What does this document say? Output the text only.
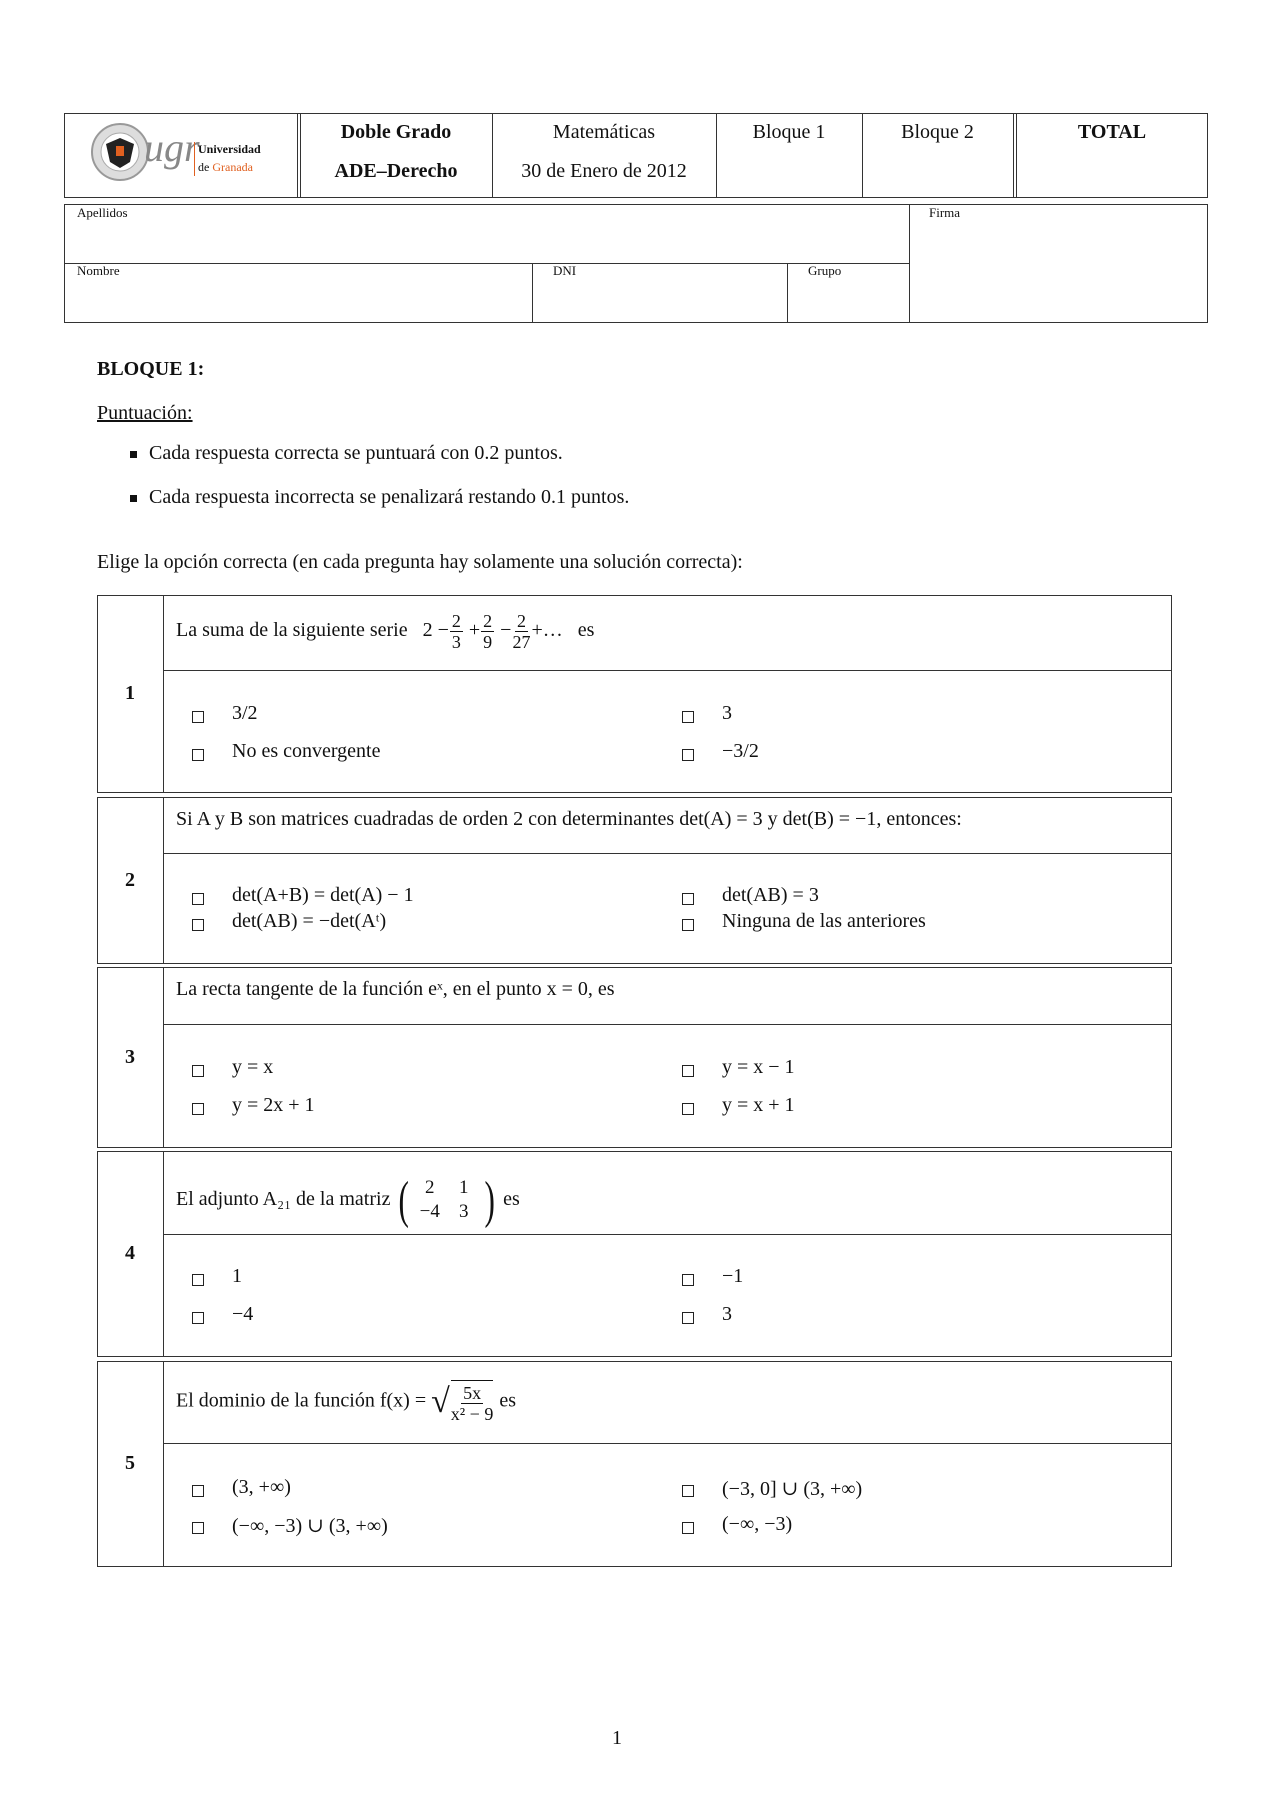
ugr
Universidad
de Granada
Doble Grado
ADE–Derecho
Matemáticas
30 de Enero de 2012
Bloque 1	Bloque 2	TOTAL
Apellidos	Firma
Nombre	DNI	Grupo
BLOQUE 1:
Puntuación:
Cada respuesta correcta se puntuará con 0.2 puntos.
Cada respuesta incorrecta se penalizará restando 0.1 puntos.
Elige la opción correcta (en cada pregunta hay solamente una solución correcta):
1
La suma de la siguiente serie $2 - \frac{2}{3} + \frac{2}{9} - \frac{2}{27}$ +… es
3/2	3
No es convergente	−3/2
2
Si A y B son matrices cuadradas de orden 2 con determinantes det(A) = 3 y det(B) = −1, entonces:
det(A+B) = det(A) − 1	det(AB) = 3
det(AB) = −det(Aᵗ)	Ninguna de las anteriores
3
La recta tangente de la función eˣ, en el punto x = 0, es
y = x	y = x − 1
y = 2x + 1	y = x + 1
4
El adjunto A₂₁ de la matriz ( 2	1
−4	3 ) es
1	−1
−4	3
5
El dominio de la función f(x) = √ $\frac{5x}{\text{x² − 9}}$ es
(3, +∞)	(−3, 0] ∪ (3, +∞)
(−∞, −3) ∪ (3, +∞)	(−∞, −3)
1
